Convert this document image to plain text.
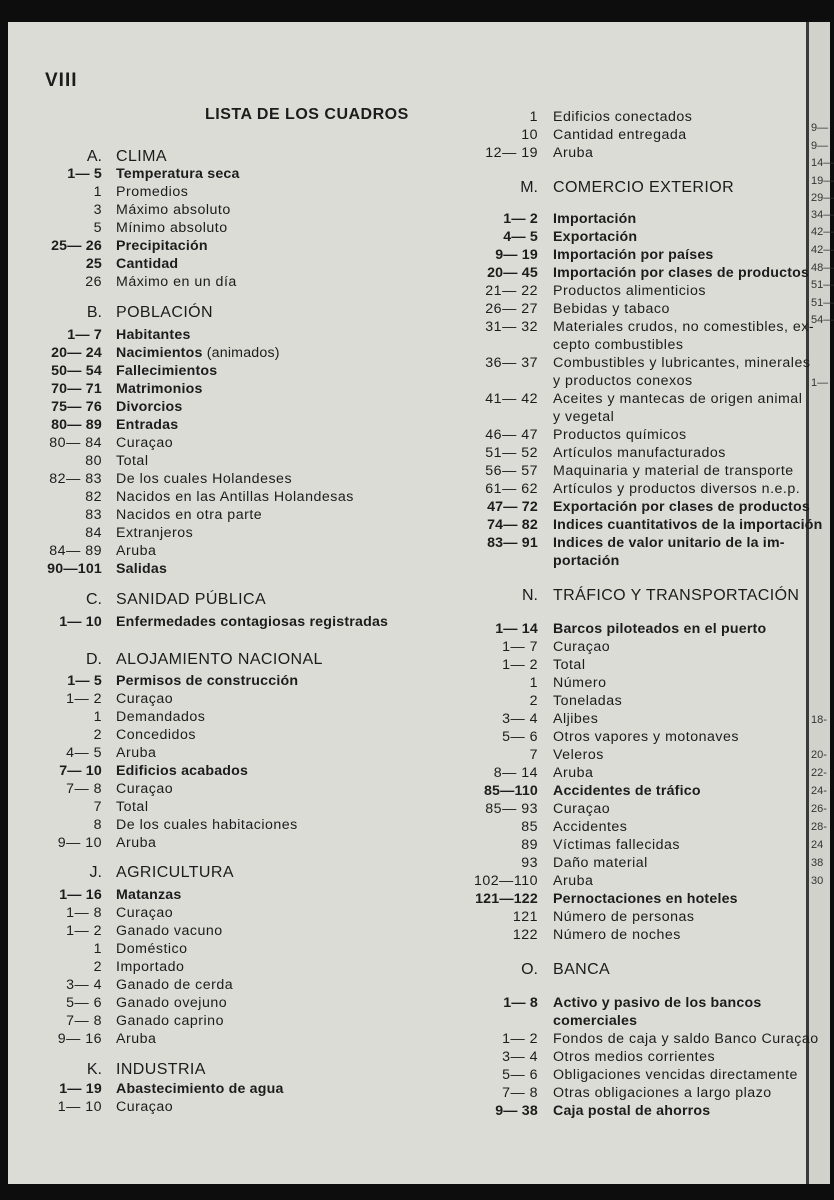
9—
9—
14—
19—
29—
34—
42—
42—
48—
51—
51—
54—
1—
18-
20-
22-
24-
26-
28-
24
38
30
VIII
LISTA DE LOS CUADROS
A. CLIMA
1— 5 Temperatura seca
1 Promedios
3 Máximo absoluto
5 Mínimo absoluto
25— 26 Precipitación
25 Cantidad
26 Máximo en un día
B. POBLACIÓN
1— 7 Habitantes
20— 24 Nacimientos (animados)
50— 54 Fallecimientos
70— 71 Matrimonios
75— 76 Divorcios
80— 89 Entradas
80— 84 Curaçao
80 Total
82— 83 De los cuales Holandeses
82 Nacidos en las Antillas Holandesas
83 Nacidos en otra parte
84 Extranjeros
84— 89 Aruba
90—101 Salidas
C. SANIDAD PÚBLICA
1— 10 Enfermedades contagiosas registradas
D. ALOJAMIENTO NACIONAL
1— 5 Permisos de construcción
1— 2 Curaçao
1 Demandados
2 Concedidos
4— 5 Aruba
7— 10 Edificios acabados
7— 8 Curaçao
7 Total
8 De los cuales habitaciones
9— 10 Aruba
J. AGRICULTURA
1— 16 Matanzas
1— 8 Curaçao
1— 2 Ganado vacuno
1 Doméstico
2 Importado
3— 4 Ganado de cerda
5— 6 Ganado ovejuno
7— 8 Ganado caprino
9— 16 Aruba
K. INDUSTRIA
1— 19 Abastecimiento de agua
1— 10 Curaçao
1 Edificios conectados
10 Cantidad entregada
12— 19 Aruba
M. COMERCIO EXTERIOR
1— 2 Importación
4— 5 Exportación
9— 19 Importación por países
20— 45 Importación por clases de productos
21— 22 Productos alimenticios
26— 27 Bebidas y tabaco
31— 32 Materiales crudos, no comestibles, ex-
cepto combustibles
36— 37 Combustibles y lubricantes, minerales
y productos conexos
41— 42 Aceites y mantecas de origen animal
y vegetal
46— 47 Productos químicos
51— 52 Artículos manufacturados
56— 57 Maquinaria y material de transporte
61— 62 Artículos y productos diversos n.e.p.
47— 72 Exportación por clases de productos
74— 82 Indices cuantitativos de la importación
83— 91 Indices de valor unitario de la im-
portación
N. TRÁFICO Y TRANSPORTACIÓN
1— 14 Barcos piloteados en el puerto
1— 7 Curaçao
1— 2 Total
1 Número
2 Toneladas
3— 4 Aljibes
5— 6 Otros vapores y motonaves
7 Veleros
8— 14 Aruba
85—110 Accidentes de tráfico
85— 93 Curaçao
85 Accidentes
89 Víctimas fallecidas
93 Daño material
102—110 Aruba
121—122 Pernoctaciones en hoteles
121 Número de personas
122 Número de noches
O. BANCA
1— 8 Activo y pasivo de los bancos
comerciales
1— 2 Fondos de caja y saldo Banco Curaçao
3— 4 Otros medios corrientes
5— 6 Obligaciones vencidas directamente
7— 8 Otras obligaciones a largo plazo
9— 38 Caja postal de ahorros
